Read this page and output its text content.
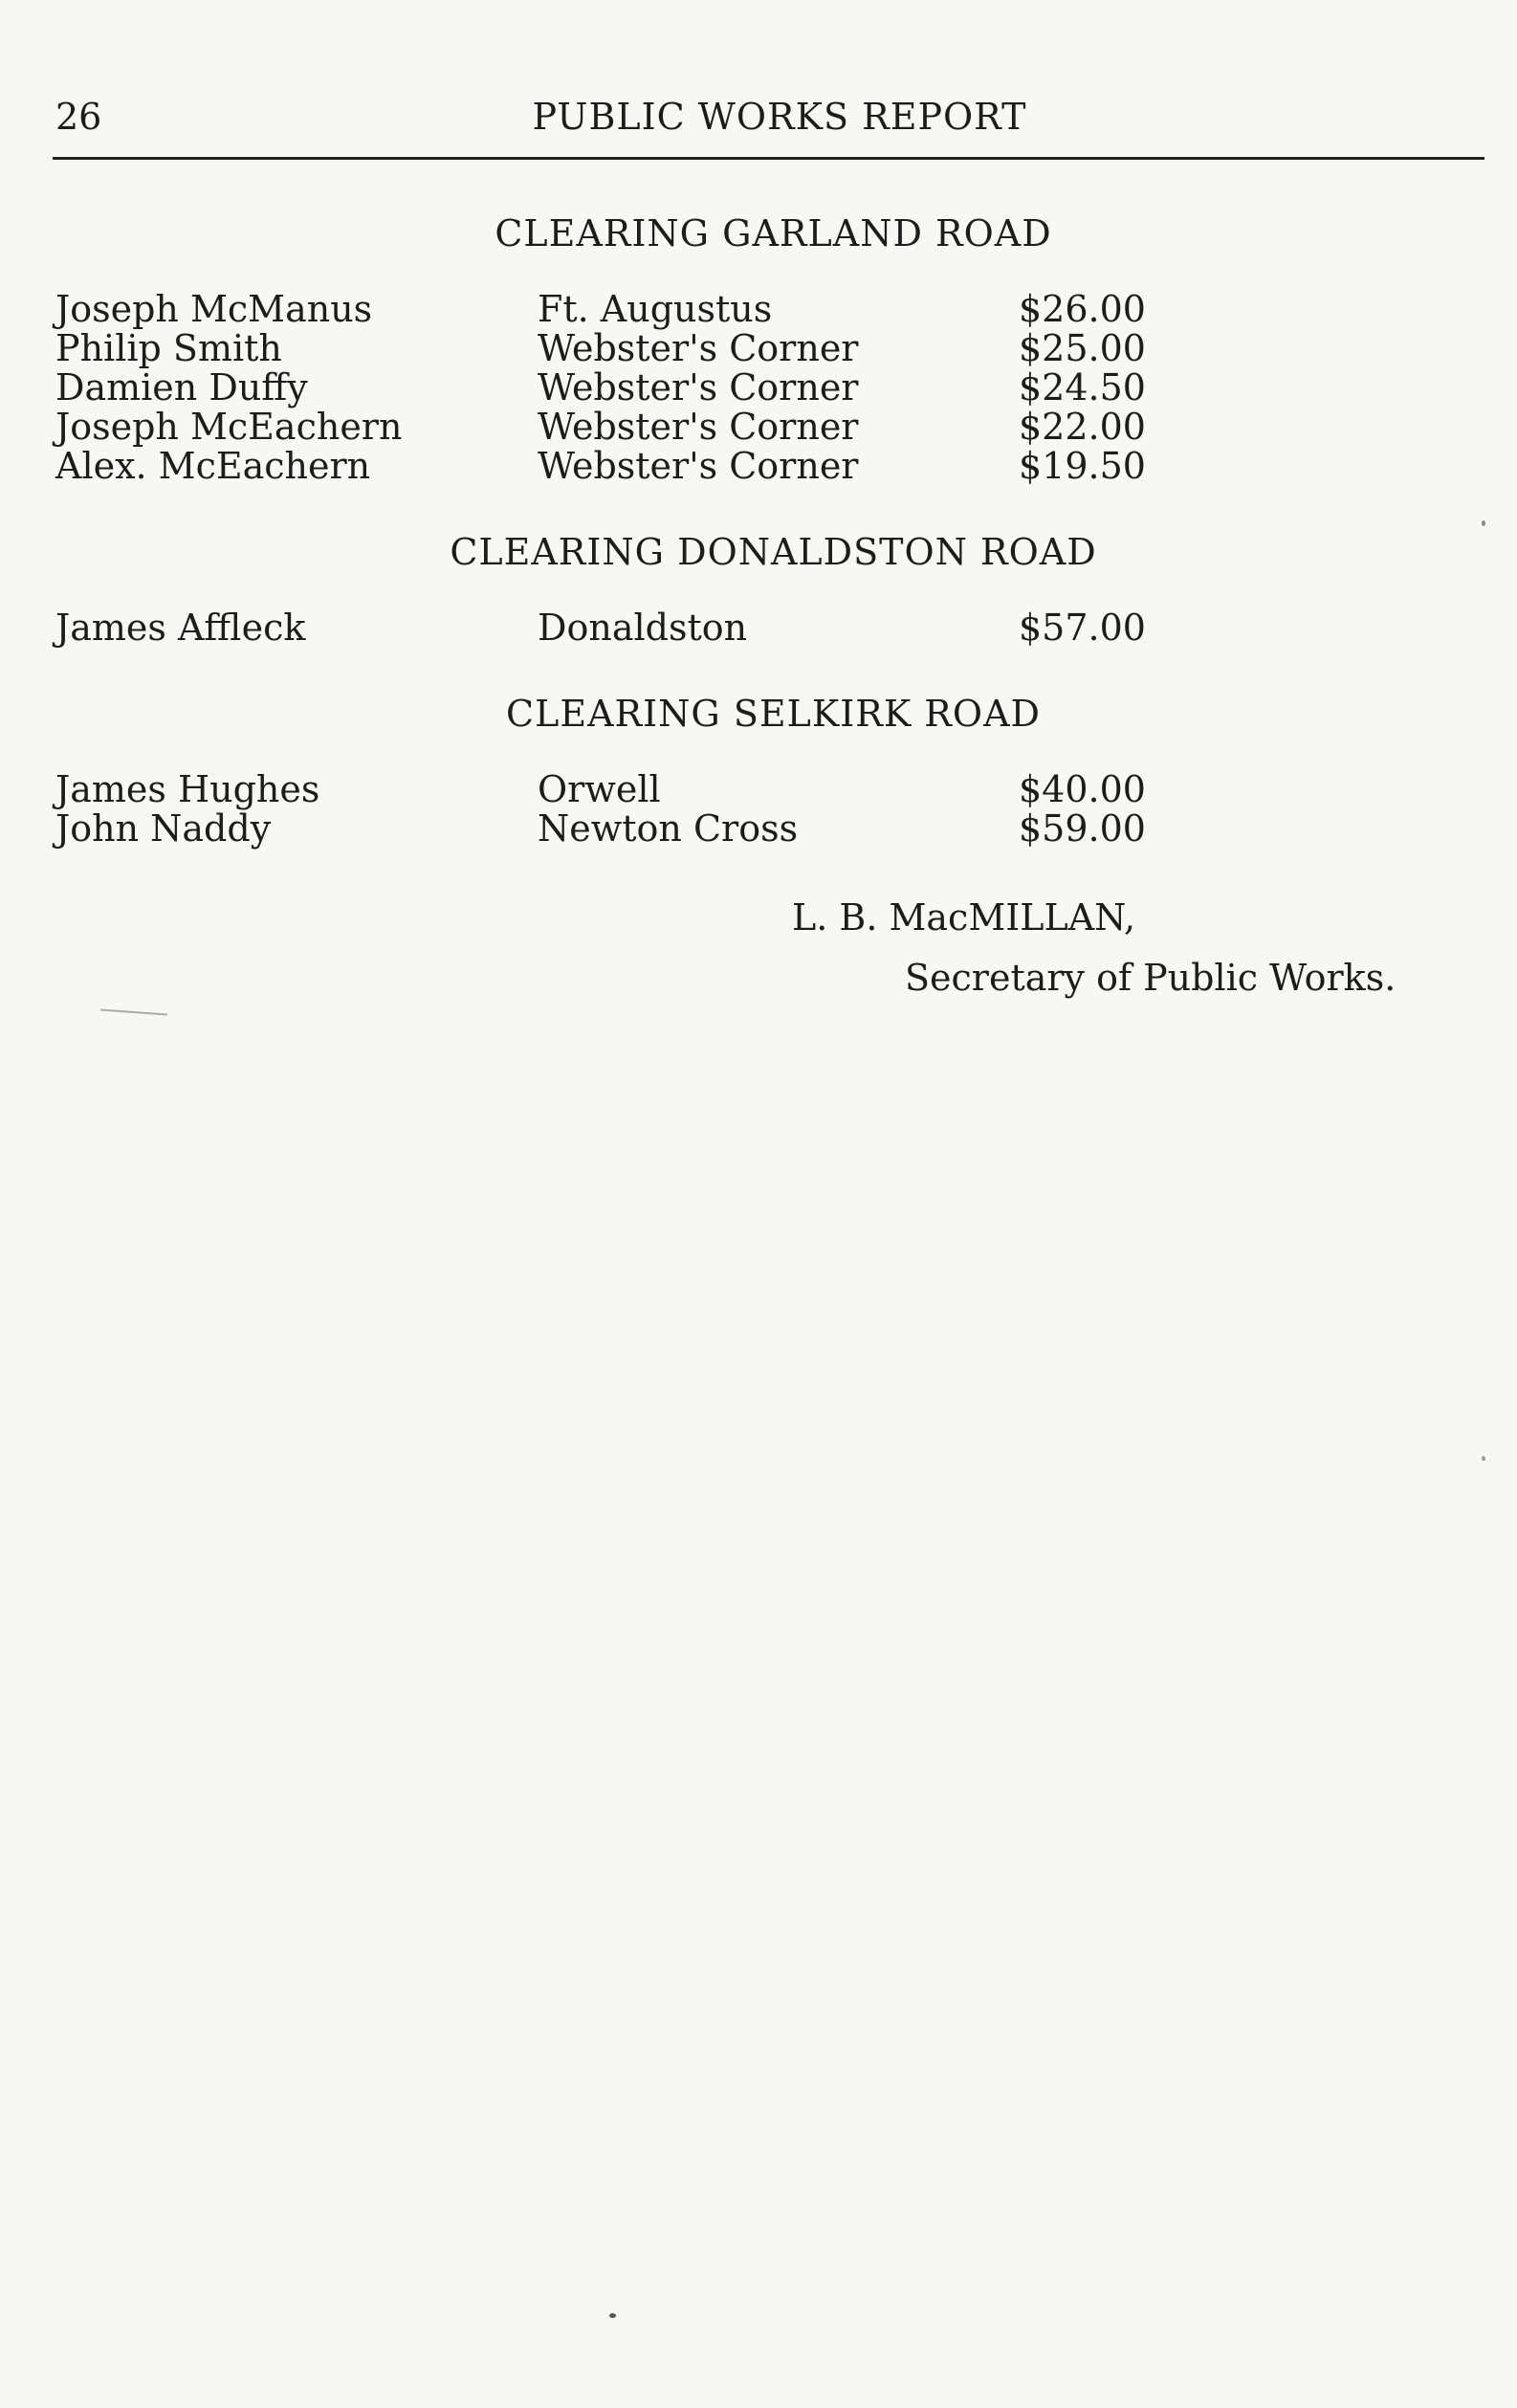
26	PUBLIC WORKS REPORT
CLEARING GARLAND ROAD
Joseph McManus	Ft. Augustus	$26.00
Philip Smith	Webster's Corner	$25.00
Damien Duffy	Webster's Corner	$24.50
Joseph McEachern	Webster's Corner	$22.00
Alex. McEachern	Webster's Corner	$19.50
CLEARING DONALDSTON ROAD
James Affleck	Donaldston	$57.00
CLEARING SELKIRK ROAD
James Hughes	Orwell	$40.00
John Naddy	Newton Cross	$59.00
L. B. MacMILLAN,
Secretary of Public Works.
